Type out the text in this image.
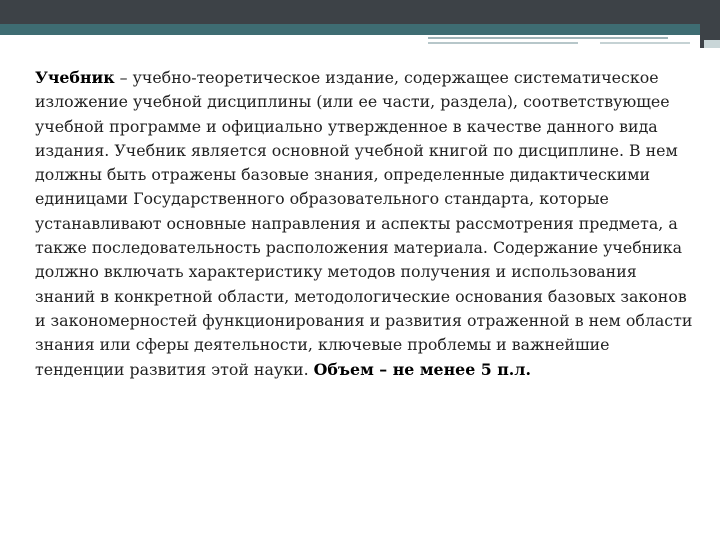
Учебник – учебно-теоретическое издание, содержащее систематическое изложение учебной дисциплины (или ее части, раздела), соответствующее учебной программе и официально утвержденное в качестве данного вида издания. Учебник является основной учебной книгой по дисциплине. В нем должны быть отражены базовые знания, определенные дидактическими единицами Государственного образовательного стандарта, которые устанавливают основные направления и аспекты рассмотрения предмета, а также последовательность расположения материала. Содержание учебника должно включать характеристику методов получения и использования знаний в конкретной области, методологические основания базовых законов и закономерностей функционирования и развития отраженной в нем области знания или сферы деятельности, ключевые проблемы и важнейшие тенденции развития этой науки. Объем – не менее 5 п.л.
